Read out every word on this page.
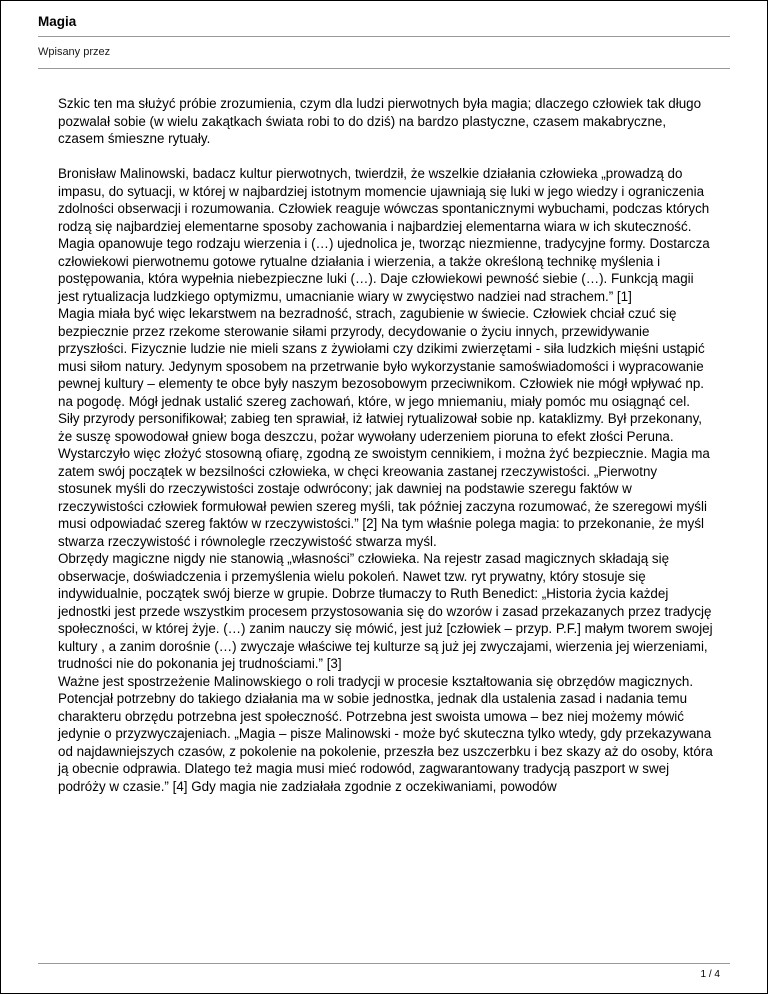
Magia
Wpisany przez

Szkic ten ma służyć próbie zrozumienia, czym dla ludzi pierwotnych była magia; dlaczego człowiek tak długo pozwalał sobie (w wielu zakątkach świata robi to do dziś) na bardzo plastyczne, czasem makabryczne, czasem śmieszne rytuały.

Bronisław Malinowski, badacz kultur pierwotnych, twierdził, że wszelkie działania człowieka „prowadzą do impasu, do sytuacji, w której w najbardziej istotnym momencie ujawniają się luki w jego wiedzy i ograniczenia zdolności obserwacji i rozumowania. Człowiek reaguje wówczas spontanicznymi wybuchami, podczas których rodzą się najbardziej elementarne sposoby zachowania i najbardziej elementarna wiara w ich skuteczność. Magia opanowuje tego rodzaju wierzenia i (…) ujednolica je, tworząc niezmienne, tradycyjne formy. Dostarcza człowiekowi pierwotnemu gotowe rytualne działania i wierzenia, a także określoną technikę myślenia i postępowania, która wypełnia niebezpieczne luki (…). Daje człowiekowi pewność siebie (…). Funkcją magii jest rytualizacja ludzkiego optymizmu, umacnianie wiary w zwycięstwo nadziei nad strachem.” [1]

Magia miała być więc lekarstwem na bezradność, strach, zagubienie w świecie. Człowiek chciał czuć się bezpiecznie przez rzekome sterowanie siłami przyrody, decydowanie o życiu innych, przewidywanie przyszłości. Fizycznie ludzie nie mieli szans z żywiołami czy dzikimi zwierzętami - siła ludzkich mięśni ustąpić musi siłom natury. Jedynym sposobem na przetrwanie było wykorzystanie samoświadomości i wypracowanie pewnej kultury – elementy te obce były naszym bezosobowym przeciwnikom. Człowiek nie mógł wpływać np. na pogodę. Mógł jednak ustalić szereg zachowań, które, w jego mniemaniu, miały pomóc mu osiągnąć cel. Siły przyrody personifikował; zabieg ten sprawiał, iż łatwiej rytualizował sobie np. kataklizmy. Był przekonany, że suszę spowodował gniew boga deszczu, pożar wywołany uderzeniem pioruna to efekt złości Peruna. Wystarczyło więc złożyć stosowną ofiarę, zgodną ze swoistym cennikiem, i można żyć bezpiecznie. Magia ma zatem swój początek w bezsilności człowieka, w chęci kreowania zastanej rzeczywistości. „Pierwotny stosunek myśli do rzeczywistości zostaje odwrócony; jak dawniej na podstawie szeregu faktów w rzeczywistości człowiek formułował pewien szereg myśli, tak później zaczyna rozumować, że szeregowi myśli musi odpowiadać szereg faktów w rzeczywistości.” [2] Na tym właśnie polega magia: to przekonanie, że myśl stwarza rzeczywistość i równolegle rzeczywistość stwarza myśl.

Obrzędy magiczne nigdy nie stanowią „własności” człowieka. Na rejestr zasad magicznych składają się obserwacje, doświadczenia i przemyślenia wielu pokoleń. Nawet tzw. ryt prywatny, który stosuje się indywidualnie, początek swój bierze w grupie. Dobrze tłumaczy to Ruth Benedict: „Historia życia każdej jednostki jest przede wszystkim procesem przystosowania się do wzorów i zasad przekazanych przez tradycję społeczności, w której żyje. (…) zanim nauczy się mówić, jest już [człowiek – przyp. P.F.] małym tworem swojej kultury , a zanim dorośnie (…) zwyczaje właściwe tej kulturze są już jej zwyczajami, wierzenia jej wierzeniami, trudności nie do pokonania jej trudnościami.” [3]

Ważne jest spostrzeżenie Malinowskiego o roli tradycji w procesie kształtowania się obrzędów magicznych. Potencjał potrzebny do takiego działania ma w sobie jednostka, jednak dla ustalenia zasad i nadania temu charakteru obrzędu potrzebna jest społeczność. Potrzebna jest swoista umowa – bez niej możemy mówić jedynie o przyzwyczajeniach. „Magia – pisze Malinowski - może być skuteczna tylko wtedy, gdy przekazywana od najdawniejszych czasów, z pokolenie na pokolenie, przeszła bez uszczerbku i bez skazy aż do osoby, która ją obecnie odprawia. Dlatego też magia musi mieć rodowód, zagwarantowany tradycją paszport w swej podróży w czasie.” [4] Gdy magia nie zadziałała zgodnie z oczekiwaniami, powodów

1 / 4
